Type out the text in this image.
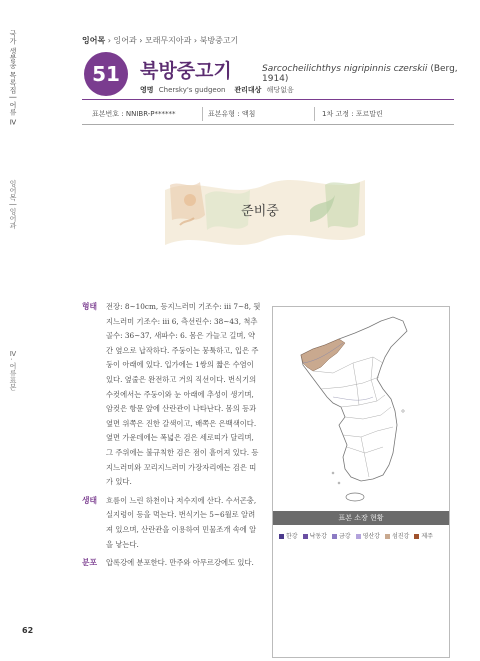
국가 생물종 목록집 | 어류 Ⅳ
잉어목 | 잉어과
Ⅳ. 어류표본
잉어목 › 잉어과 › 모래무지아과 › 북방중고기
51	북방중고기	Sarcocheilichthys nigripinnis czerskii (Berg, 1914)
영명 Chersky's gudgeon 관리대상 해당없음
표본번호 : NNIBR-P******	표본유형 : 액침	1차 고정 : 포르말린
준비중
형태 전장: 8~10cm, 등지느러미 기조수: iii 7~8, 뒷지느러미 기조수: iii 6, 측선린수: 38~43, 척추골수: 36~37, 새파수: 6. 몸은 가늘고 길며, 약간 옆으로 납작하다. 주둥이는 뭉툭하고, 입은 주둥이 아래에 있다. 입가에는 1쌍의 짧은 수염이 있다. 옆줄은 완전하고 거의 직선이다. 번식기의 수컷에서는 주둥이와 눈 아래에 추성이 생기며, 암컷은 항문 앞에 산란관이 나타난다. 몸의 등과 옆면 위쪽은 진한 갈색이고, 배쪽은 은백색이다. 옆면 가운데에는 폭넓은 검은 세로띠가 달리며, 그 주위에는 불규칙한 검은 점이 흩어져 있다. 등지느러미와 꼬리지느러미 가장자리에는 검은 띠가 있다.
생태 흐름이 느린 하천이나 저수지에 산다. 수서곤충, 실지렁이 등을 먹는다. 번식기는 5~6월로 알려져 있으며, 산란관을 이용하여 민물조개 속에 알을 낳는다.
분포 압록강에 분포한다. 만주와 아무르강에도 있다.
표본 소장 현황
한강 낙동강 금강 영산강 섬진강 제주
62
